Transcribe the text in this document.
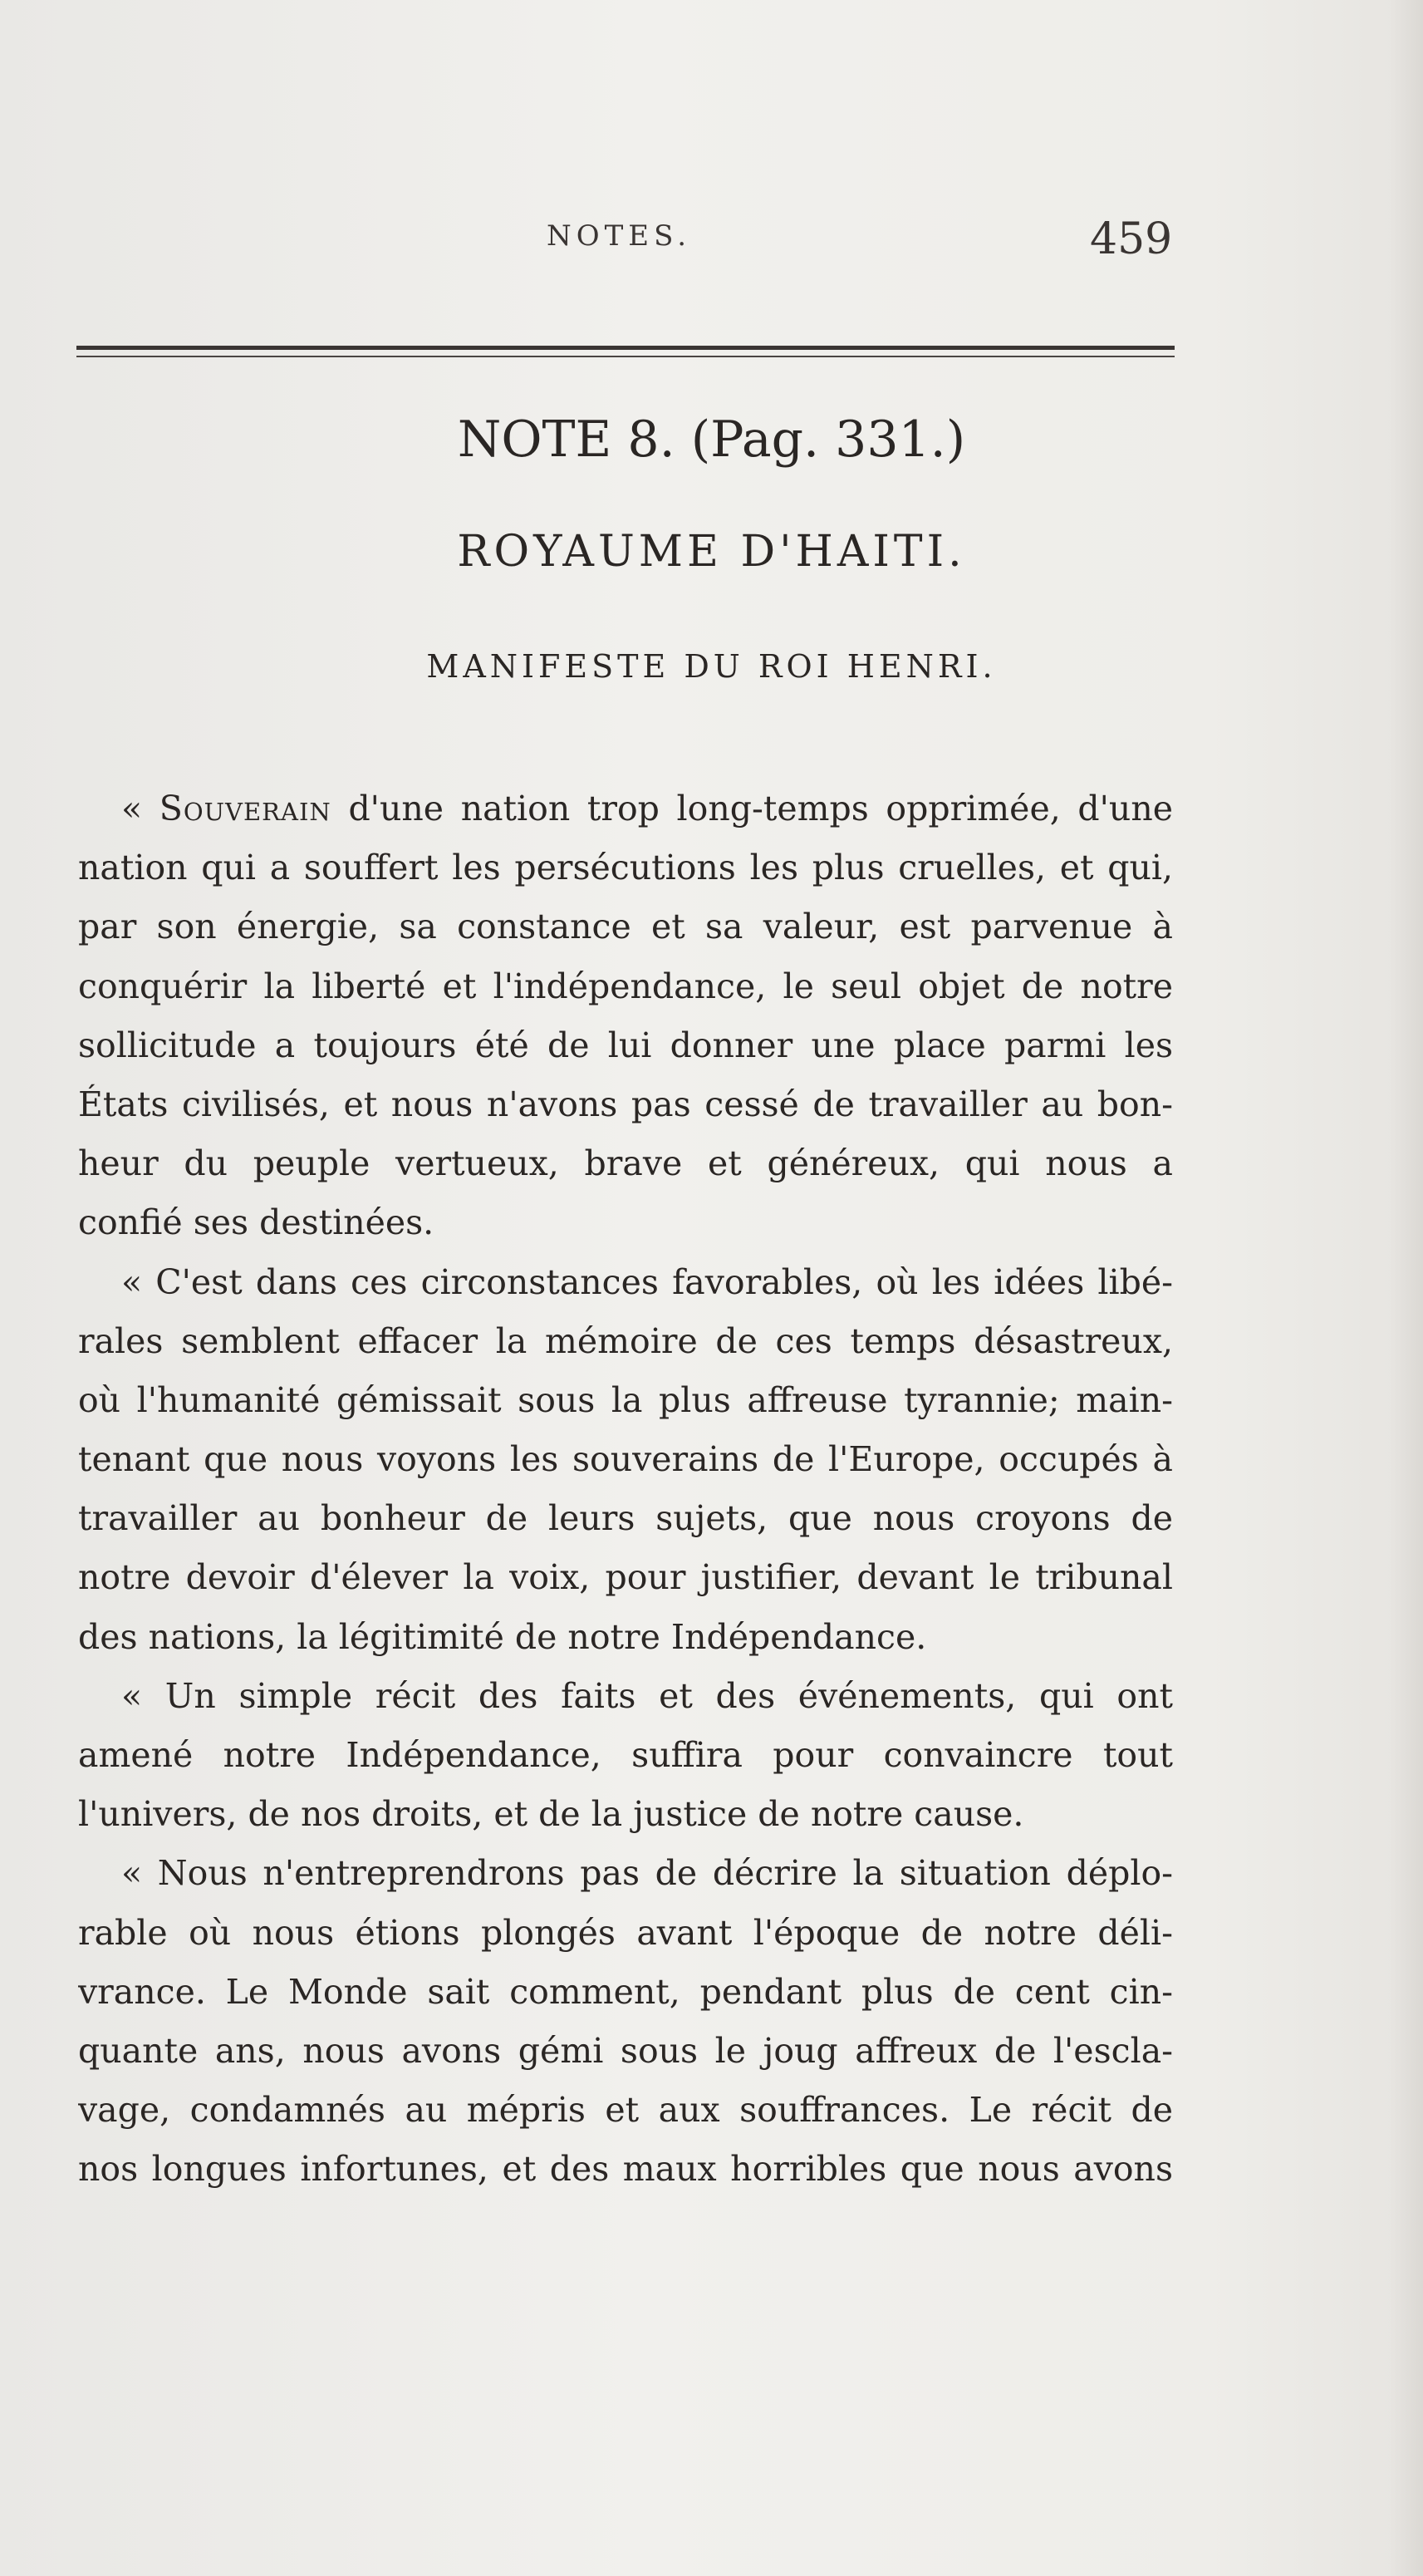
NOTES.	459
NOTE 8. (Pag. 331.)
ROYAUME D'HAITI.
MANIFESTE DU ROI HENRI.
« Souverain d'une nation trop long-temps opprimée, d'une
nation qui a souffert les persécutions les plus cruelles, et qui,
par son énergie, sa constance et sa valeur, est parvenue à
conquérir la liberté et l'indépendance, le seul objet de notre
sollicitude a toujours été de lui donner une place parmi les
États civilisés, et nous n'avons pas cessé de travailler au bon-
heur du peuple vertueux, brave et généreux, qui nous a
confié ses destinées.
« C'est dans ces circonstances favorables, où les idées libé-
rales semblent effacer la mémoire de ces temps désastreux,
où l'humanité gémissait sous la plus affreuse tyrannie; main-
tenant que nous voyons les souverains de l'Europe, occupés à
travailler au bonheur de leurs sujets, que nous croyons de
notre devoir d'élever la voix, pour justifier, devant le tribunal
des nations, la légitimité de notre Indépendance.
« Un simple récit des faits et des événements, qui ont
amené notre Indépendance, suffira pour convaincre tout
l'univers, de nos droits, et de la justice de notre cause.
« Nous n'entreprendrons pas de décrire la situation déplo-
rable où nous étions plongés avant l'époque de notre déli-
vrance. Le Monde sait comment, pendant plus de cent cin-
quante ans, nous avons gémi sous le joug affreux de l'escla-
vage, condamnés au mépris et aux souffrances. Le récit de
nos longues infortunes, et des maux horribles que nous avons
